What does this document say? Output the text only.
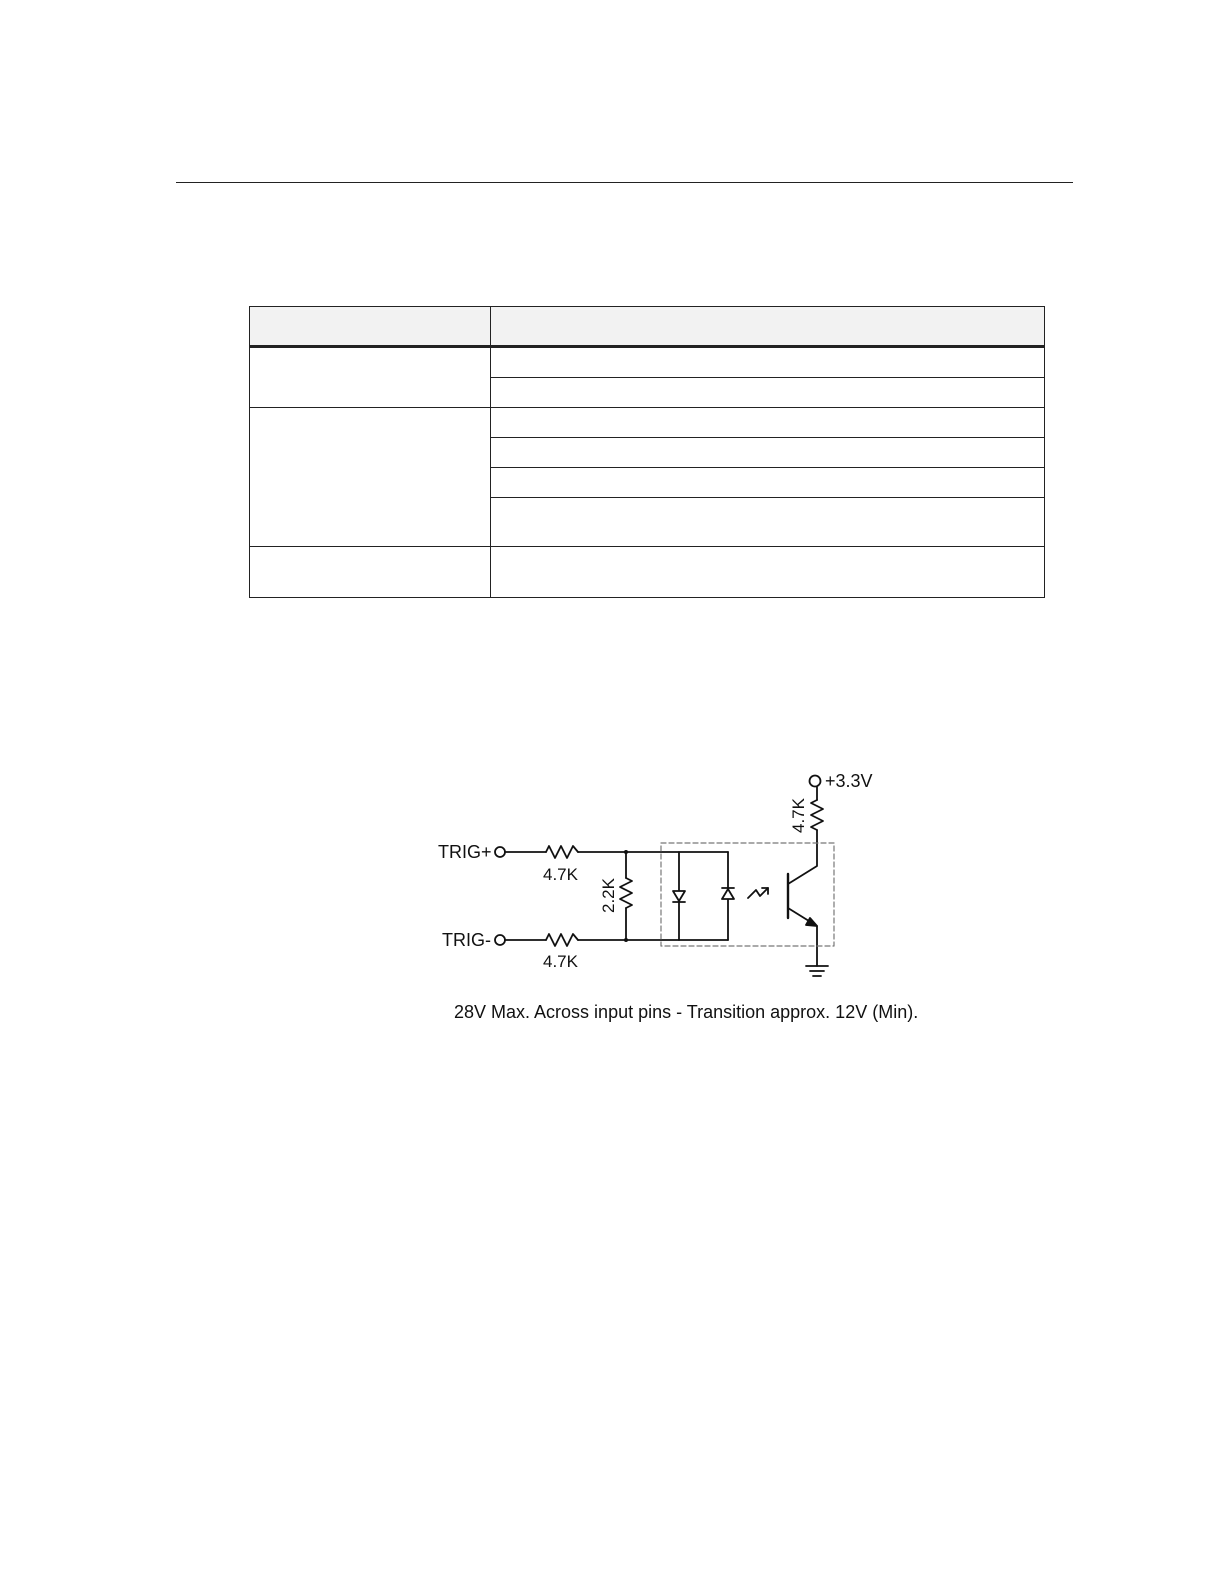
TRIG+
TRIG-
4.7K
4.7K
2.2K
4.7K
+3.3V
28V Max. Across input pins - Transition approx. 12V (Min).
